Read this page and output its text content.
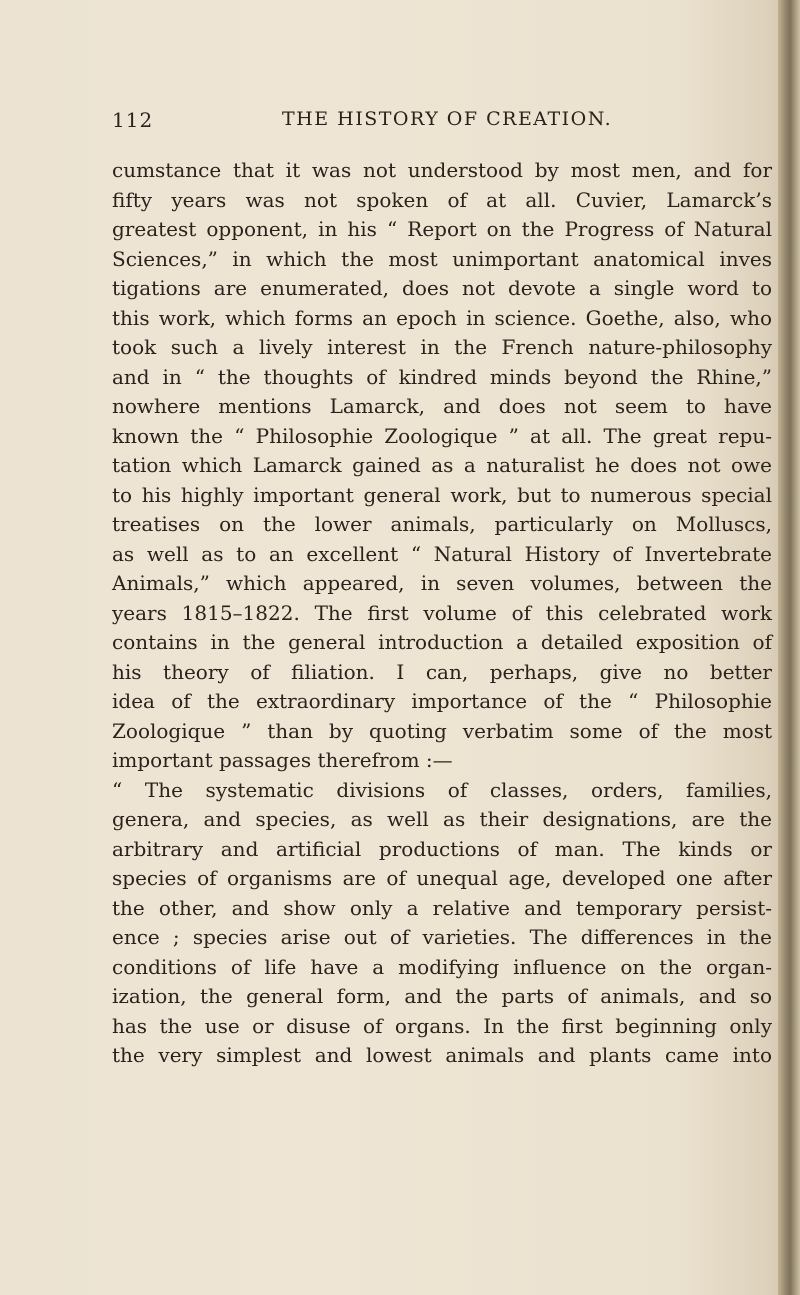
112	THE HISTORY OF CREATION.
cumstance that it was not understood by most men, and for
fifty years was not spoken of at all. Cuvier, Lamarck’s
greatest opponent, in his “ Report on the Progress of Natural
Sciences,” in which the most unimportant anatomical inves
tigations are enumerated, does not devote a single word to
this work, which forms an epoch in science. Goethe, also, who
took such a lively interest in the French nature-philosophy
and in “ the thoughts of kindred minds beyond the Rhine,”
nowhere mentions Lamarck, and does not seem to have
known the “ Philosophie Zoologique ” at all. The great repu-
tation which Lamarck gained as a naturalist he does not owe
to his highly important general work, but to numerous special
treatises on the lower animals, particularly on Molluscs,
as well as to an excellent “ Natural History of Invertebrate
Animals,” which appeared, in seven volumes, between the
years 1815–1822. The first volume of this celebrated work
contains in the general introduction a detailed exposition of
his theory of filiation. I can, perhaps, give no better
idea of the extraordinary importance of the “ Philosophie
Zoologique ” than by quoting verbatim some of the most
important passages therefrom :—
“ The systematic divisions of classes, orders, families,
genera, and species, as well as their designations, are the
arbitrary and artificial productions of man. The kinds or
species of organisms are of unequal age, developed one after
the other, and show only a relative and temporary persist-
ence ; species arise out of varieties. The differences in the
conditions of life have a modifying influence on the organ-
ization, the general form, and the parts of animals, and so
has the use or disuse of organs. In the first beginning only
the very simplest and lowest animals and plants came into
